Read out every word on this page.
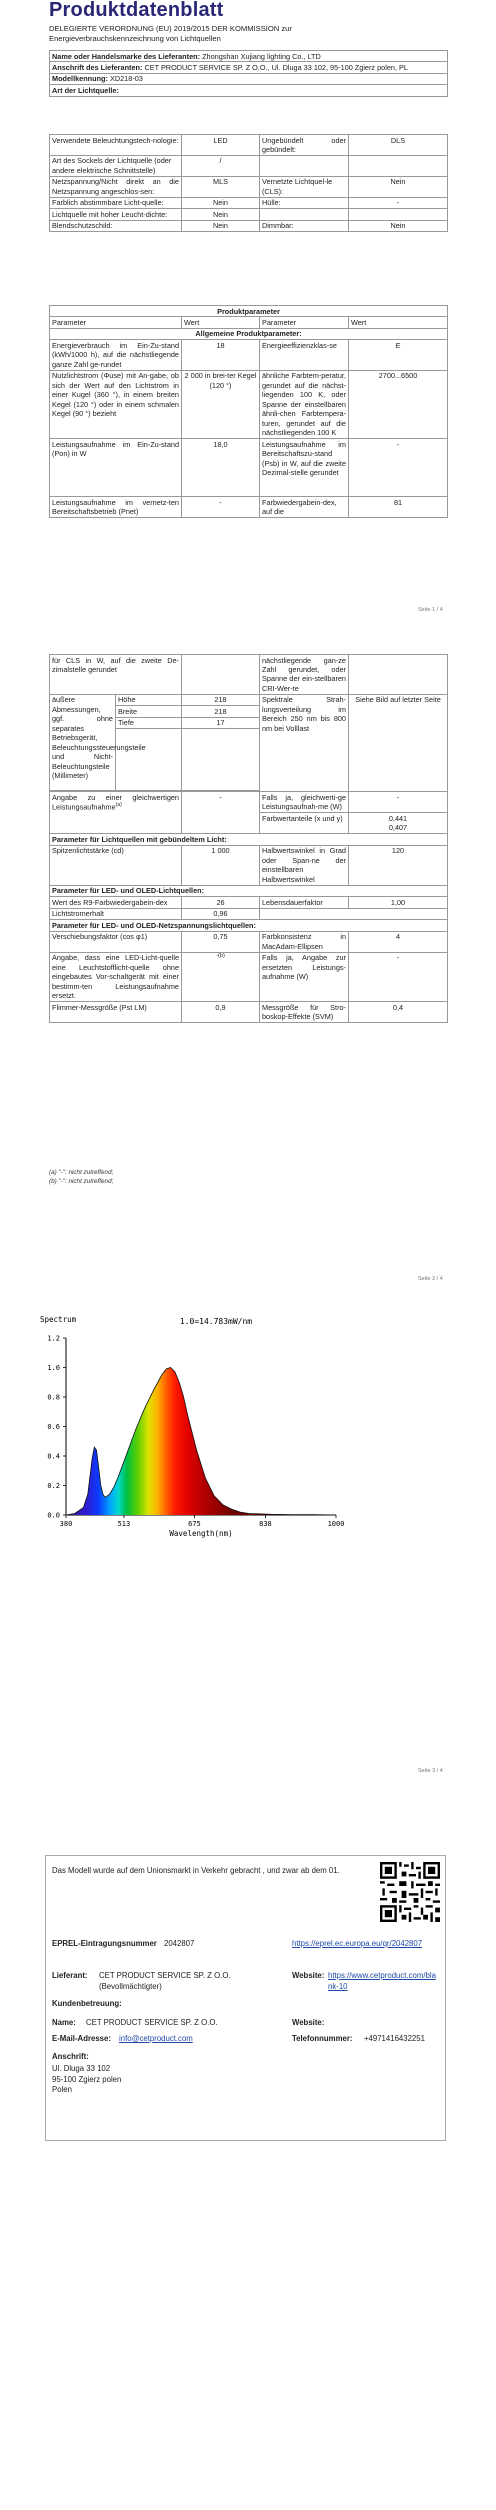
Produktdatenblatt
DELEGIERTE VERORDNUNG (EU) 2019/2015 DER KOMMISSION zur
Energieverbrauchskennzeichnung von Lichtquellen
Name oder Handelsmarke des Lieferanten: Zhongshan Xujiang lighting Co., LTD
Anschrift des Lieferanten: CET PRODUCT SERVICE SP. Z O.O., Ul. Dluga 33 102, 95-100 Zgierz polen, PL
Modellkennung: XD218-03
Art der Lichtquelle:
Verwendete Beleuchtungstech-nologie:	LED	Ungebündelt oder gebündelt:	DLS
Art des Sockels der Lichtquelle (oder andere elektrische Schnittstelle)	/		
Netzspannung/Nicht direkt an die Netzspannung angeschlos-sen:	MLS	Vernetzte Lichtquel-le (CLS):	Nein
Farblich abstimmbare Licht-quelle:	Nein	Hülle:	-
Lichtquelle mit hoher Leucht-dichte:	Nein		
Blendschutzschild:	Nein	Dimmbar:	Nein
Produktparameter			
Parameter	Wert	Parameter	Wert
Allgemeine Produktparameter:			
Energieverbrauch im Ein-Zu-stand (kWh/1000 h), auf die nächstliegende ganze Zahl ge-rundet	18	Energieeffizienzklas-se	E
Nutzlichtstrom (Φuse) mit An-gabe, ob sich der Wert auf den Lichtstrom in einer Kugel (360 °), in einem breiten Kegel (120 °) oder in einem schmalen Kegel (90 °) bezieht	2 000 in brei-ter Kegel (120 °)	ähnliche Farbtem-peratur, gerundet auf die nächst-liegenden 100 K, oder Spanne der einstellbaren ähnli-chen Farbtempera-turen, gerundet auf die nächstliegenden 100 K	2700...6500
Leistungsaufnahme im Ein-Zu-stand (Pon) in W	18,0	Leistungsaufnahme im Bereitschaftszu-stand (Psb) in W, auf die zweite Dezimal-stelle gerundet	-
Leistungsaufnahme im vernetz-ten Bereitschaftsbetrieb (Pnet)	-	Farbwiedergabein-dex, auf die	81
Seite 1 / 4
für CLS in W, auf die zweite De-zimalstelle gerundet			nächstliegende gan-ze Zahl gerundet, oder Spanne der ein-stellbaren CRI-Wer-te	
äußere Abmessungen, ggf. ohne separates Betriebsgerät, Beleuchtungssteuerungsteile und Nicht-Beleuchtungsteile (Millimeter)	Höhe	218	Spektrale Strah-lungsverteilung im Bereich 250 nm bis 800 nm bei Volllast	Siehe Bild auf letzter Seite
	Breite	218		
	Tiefe	17		

Angabe zu einer gleichwertigen Leistungsaufnahme$^{(a)}$		-	Falls ja, gleichwerti-ge Leistungsaufnah-me (W)	-
			Farbwertanteile (x und y)	0,441
0,407

Parameter für Lichtquellen mit gebündeltem Licht:				
Spitzenlichtstärke (cd)		1 000	Halbwertswinkel in Grad oder Span-ne der einstellbaren Halbwertswinkel	120
Parameter für LED- und OLED-Lichtquellen:				
Wert des R9-Farbwiedergabein-dex		26	Lebensdauerfaktor	1,00
Lichtstromerhalt		0,96		
Parameter für LED- und OLED-Netzspannungslichtquellen:				
Verschiebungsfaktor (cos φ1)		0,75	Farbkonsistenz in MacAdam-Ellipsen	4
Angabe, dass eine LED-Licht-quelle eine Leuchtstofflicht-quelle ohne eingebautes Vor-schaltgerät mit einer bestimm-ten Leistungsaufnahme ersetzt.		-(b)	Falls ja, Angabe zur ersetzten Leistungs-aufnahme (W)	-
Flimmer-Messgröße (Pst LM)		0,9	Messgröße für Stro-boskop-Effekte (SVM)	0,4
(a) "-": nicht zutreffend;
(b) "-": nicht zutreffend;
Seite 2 / 4
0.0
0.2
0.4
0.6
0.8
1.0
1.2
380	513	675	838	1000
1.0=14.783mW/nm
Spectrum
Wavelength(nm)
Seite 3 / 4
Das Modell wurde auf dem Unionsmarkt in Verkehr gebracht , und zwar ab dem 01.
EPREL-Eintragungsnummer 2042807	https://eprel.ec.europa.eu/qr/2042807
Lieferant: CET PRODUCT SERVICE SP. Z O.O. (Bevollmächtigter)
Website: https://www.cetproduct.com/blank-10
Kundenbetreuung:
Name: CET PRODUCT SERVICE SP. Z O.O.	Website:
E-Mail-Adresse: info@cetproduct.com	Telefonnummer: +4971416432251
Anschrift:
Ul. Dluga 33 102
95-100 Zgierz polen
Polen
